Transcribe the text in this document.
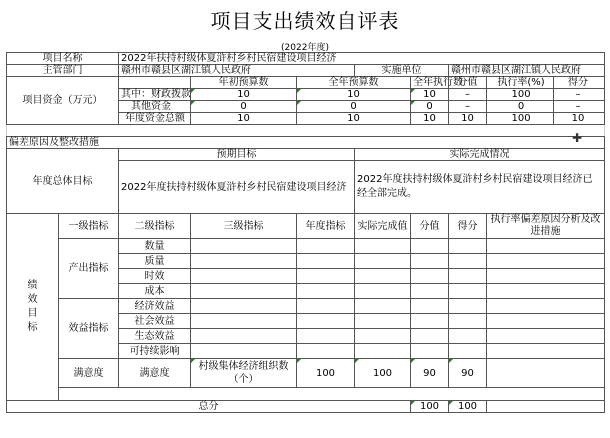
项目支出绩效自评表
(2022年度)
项目名称		2022年扶持村级体夏浒村乡村民宿建设项目经济						
主管部门		赣州市赣县区湖江镇人民政府			实施单位		赣州市赣县区湖江镇人民政府	
项目资金（万元）			年初预算数	全年预算数		全年执行数	分值	执行率(%) 得分
		其中：财政拨款	10	10		10	–	100 –
		其他资金	0	0		0	–	0 –
		年度资金总额	10	10		10	10	100 10

偏差原因及整改措施								
年度总体目标		预期目标			实际完成情况			
		2022年度扶持村级体夏浒村乡村民宿建设项目经济			2022年度扶持村级体夏浒村乡村民宿建设项目经济已经全部完成。			
绩效目标	一级指标	二级指标	三级指标	年度指标	实际完成值	分值	得分	执行率偏差原因分析及改进措施
	产出指标	数量						
		质量						
		时效						
		成本						
	效益指标	经济效益						
		社会效益						
		生态效益						
		可持续影响						
	满意度	满意度	村级集体经济组织数（个）	100	100	90	90	

总分						100	100	
✚
